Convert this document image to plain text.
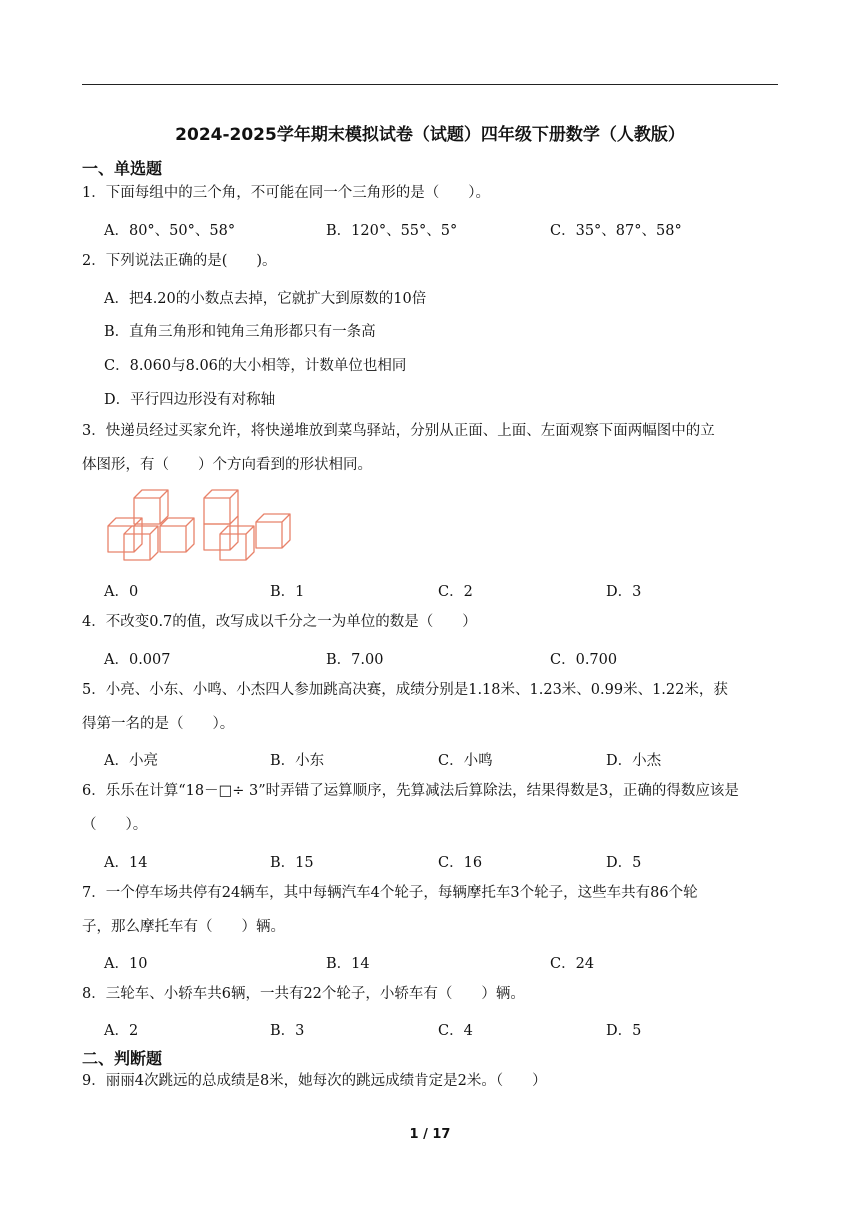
2024-2025学年期末模拟试卷（试题）四年级下册数学（人教版）
一、单选题
1．下面每组中的三个角，不可能在同一个三角形的是（　　）。
A．80°、50°、58°	B．120°、55°、5°	C．35°、87°、58°
2．下列说法正确的是(　　)。
A．把4.20的小数点去掉，它就扩大到原数的10倍
B．直角三角形和钝角三角形都只有一条高
C．8.060与8.06的大小相等，计数单位也相同
D．平行四边形没有对称轴
3．快递员经过买家允许，将快递堆放到菜鸟驿站，分别从正面、上面、左面观察下面两幅图中的立
体图形，有（　　）个方向看到的形状相同。
A．0	B．1	C．2	D．3
4．不改变0.7的值，改写成以千分之一为单位的数是（　　）
A．0.007	B．7.00	C．0.700
5．小亮、小东、小鸣、小杰四人参加跳高决赛，成绩分别是1.18米、1.23米、0.99米、1.22米，获
得第一名的是（　　）。
A．小亮	B．小东	C．小鸣	D．小杰
6．乐乐在计算“18－□÷ 3”时弄错了运算顺序，先算减法后算除法，结果得数是3，正确的得数应该是
（　　）。
A．14	B．15	C．16	D．5
7．一个停车场共停有24辆车，其中每辆汽车4个轮子，每辆摩托车3个轮子，这些车共有86个轮
子，那么摩托车有（　　）辆。
A．10	B．14	C．24
8．三轮车、小轿车共6辆，一共有22个轮子，小轿车有（　　）辆。
A．2	B．3	C．4	D．5
二、判断题
9．丽丽4次跳远的总成绩是8米，她每次的跳远成绩肯定是2米。（　　）
1 / 17
